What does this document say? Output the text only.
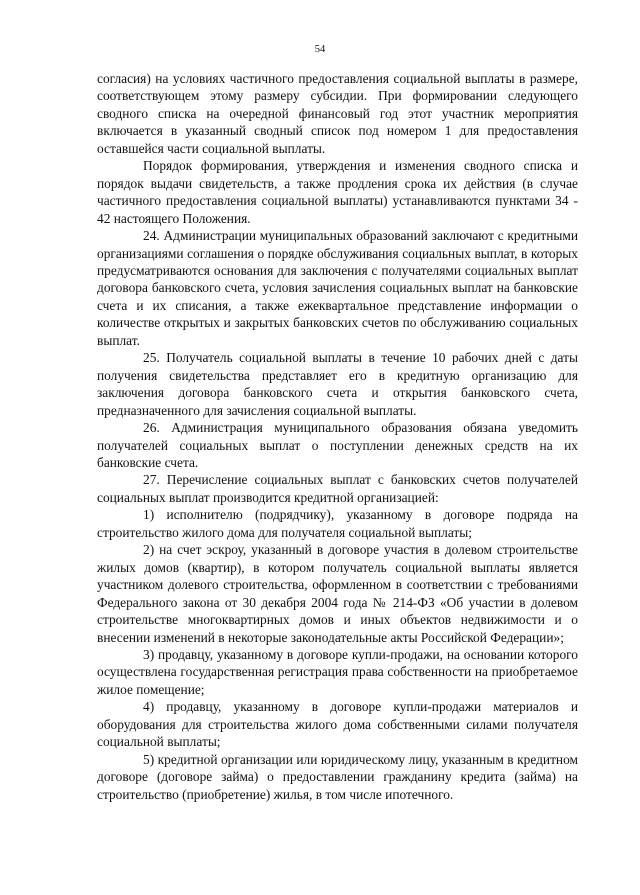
54

согласия) на условиях частичного предоставления социальной выплаты в размере, соответствующем этому размеру субсидии. При формировании следующего сводного списка на очередной финансовый год этот участник мероприятия включается в указанный сводный список под номером 1 для предоставления оставшейся части социальной выплаты.

Порядок формирования, утверждения и изменения сводного списка и порядок выдачи свидетельств, а также продления срока их действия (в случае частичного предоставления социальной выплаты) устанавливаются пунктами 34 - 42 настоящего Положения.

24. Администрации муниципальных образований заключают с кредитными организациями соглашения о порядке обслуживания социальных выплат, в которых предусматриваются основания для заключения с получателями социальных выплат договора банковского счета, условия зачисления социальных выплат на банковские счета и их списания, а также ежеквартальное представление информации о количестве открытых и закрытых банковских счетов по обслуживанию социальных выплат.

25. Получатель социальной выплаты в течение 10 рабочих дней с даты получения свидетельства представляет его в кредитную организацию для заключения договора банковского счета и открытия банковского счета, предназначенного для зачисления социальной выплаты.

26. Администрация муниципального образования обязана уведомить получателей социальных выплат о поступлении денежных средств на их банковские счета.

27. Перечисление социальных выплат с банковских счетов получателей социальных выплат производится кредитной организацией:

1) исполнителю (подрядчику), указанному в договоре подряда на строительство жилого дома для получателя социальной выплаты;

2) на счет эскроу, указанный в договоре участия в долевом строительстве жилых домов (квартир), в котором получатель социальной выплаты является участником долевого строительства, оформленном в соответствии с требованиями Федерального закона от 30 декабря 2004 года № 214-ФЗ «Об участии в долевом строительстве многоквартирных домов и иных объектов недвижимости и о внесении изменений в некоторые законодательные акты Российской Федерации»;

3) продавцу, указанному в договоре купли-продажи, на основании которого осуществлена государственная регистрация права собственности на приобретаемое жилое помещение;

4) продавцу, указанному в договоре купли-продажи материалов и оборудования для строительства жилого дома собственными силами получателя социальной выплаты;

5) кредитной организации или юридическому лицу, указанным в кредитном договоре (договоре займа) о предоставлении гражданину кредита (займа) на строительство (приобретение) жилья, в том числе ипотечного.
